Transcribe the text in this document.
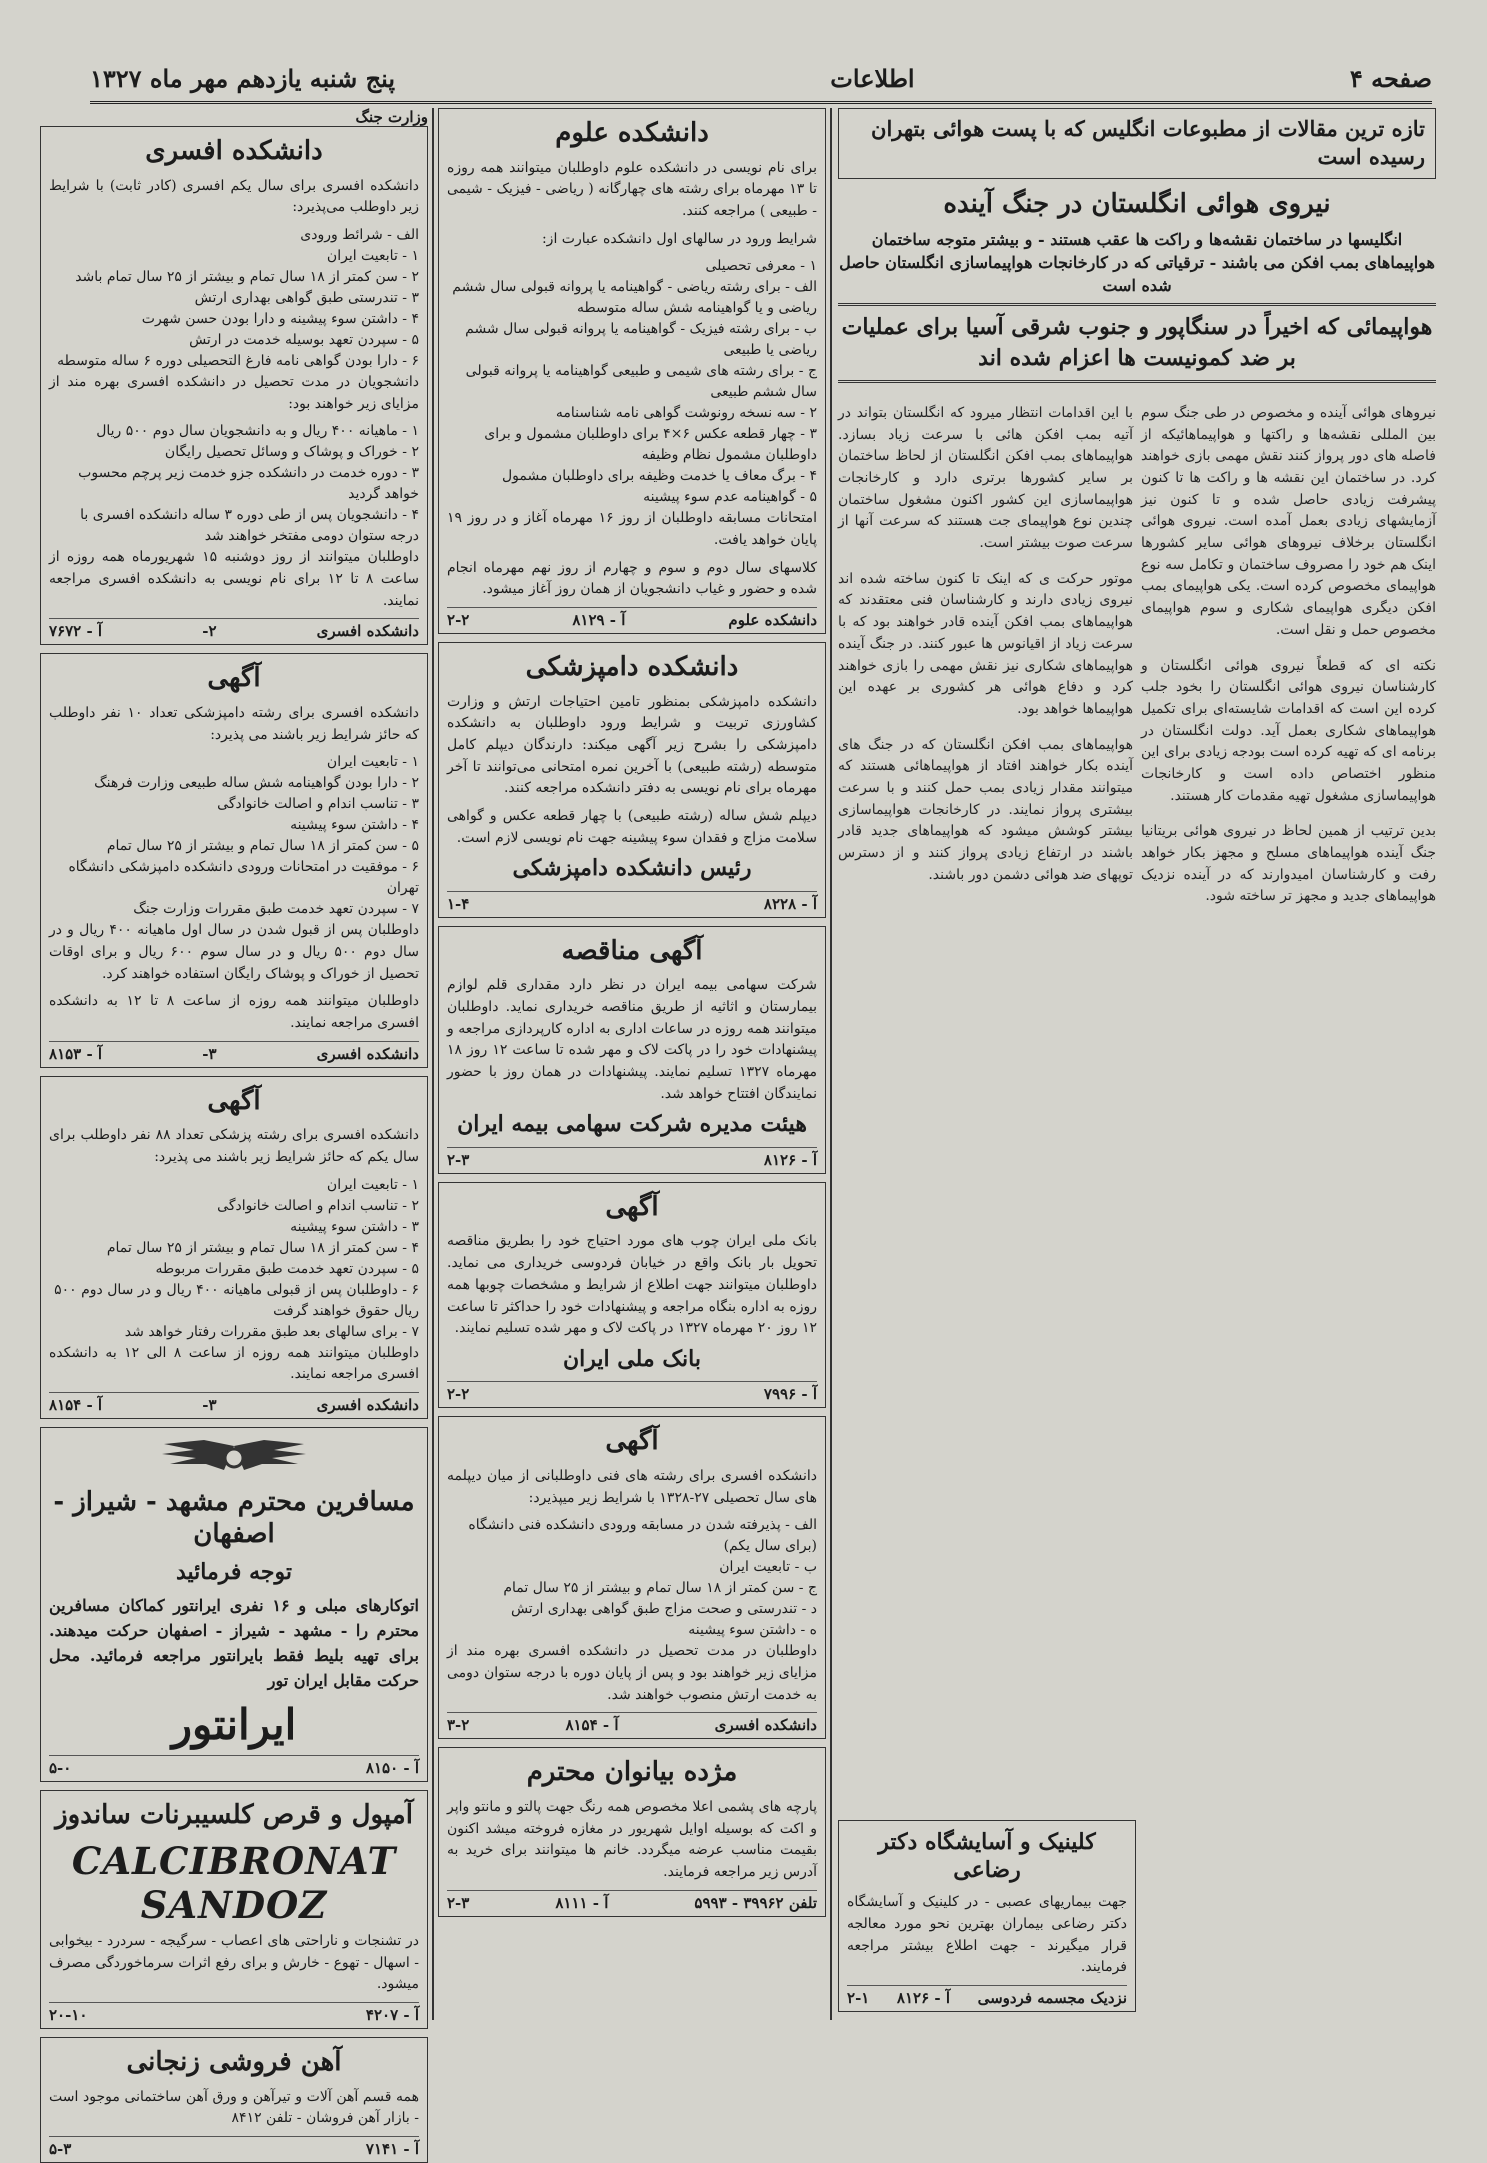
صفحه ۴
اطلاعات
پنج شنبه یازدهم مهر ماه ۱۳۲۷
تازه ترین مقالات از مطبوعات انگلیس که با پست هوائی بتهران رسیده است
نیروی هوائی انگلستان در جنگ آینده
انگلیسها در ساختمان نقشه‌ها و راکت ها عقب هستند - و بیشتر متوجه ساختمان هواپیماهای بمب افکن می باشند - ترقیاتی که در کارخانجات هواپیماسازی انگلستان حاصل شده است
هواپیمائی که اخیراً در سنگاپور و جنوب شرقی آسیا برای عملیات بر ضد کمونیست ها اعزام شده اند

نیروهای هوائی آینده و مخصوص در طی جنگ سوم بین المللی نقشه‌ها و راکتها و هواپیماهائیکه از فاصله های دور پرواز کنند نقش مهمی بازی خواهند کرد. در ساختمان این نقشه ها و راکت ها تا کنون پیشرفت زیادی حاصل شده و تا کنون نیز آزمایشهای زیادی بعمل آمده است. نیروی هوائی انگلستان برخلاف نیروهای هوائی سایر کشورها اینک هم خود را مصروف ساختمان و تکامل سه نوع هواپیمای مخصوص کرده است. یکی هواپیمای بمب افکن دیگری هواپیمای شکاری و سوم هواپیمای مخصوص حمل و نقل است.

نکته ای که قطعاً نیروی هوائی انگلستان و کارشناسان نیروی هوائی انگلستان را بخود جلب کرده این است که اقدامات شایسته‌ای برای تکمیل هواپیماهای شکاری بعمل آید. دولت انگلستان در برنامه ای که تهیه کرده است بودجه زیادی برای این منظور اختصاص داده است و کارخانجات هواپیماسازی مشغول تهیه مقدمات کار هستند.

بدین ترتیب از همین لحاظ در نیروی هوائی بریتانیا جنگ آینده هواپیماهای مسلح و مجهز بکار خواهد رفت و کارشناسان امیدوارند که در آینده نزدیک هواپیماهای جدید و مجهز تر ساخته شود.

با این اقدامات انتظار میرود که انگلستان بتواند در آتیه بمب افکن هائی با سرعت زیاد بسازد. هواپیماهای بمب افکن انگلستان از لحاظ ساختمان بر سایر کشورها برتری دارد و کارخانجات هواپیماسازی این کشور اکنون مشغول ساختمان چندین نوع هواپیمای جت هستند که سرعت آنها از سرعت صوت بیشتر است.

موتور حرکت ی که اینک تا کنون ساخته شده اند نیروی زیادی دارند و کارشناسان فنی معتقدند که هواپیماهای بمب افکن آینده قادر خواهند بود که با سرعت زیاد از اقیانوس ها عبور کنند. در جنگ آینده هواپیماهای شکاری نیز نقش مهمی را بازی خواهند کرد و دفاع هوائی هر کشوری بر عهده این هواپیماها خواهد بود.

هواپیماهای بمب افکن انگلستان که در جنگ های آینده بکار خواهند افتاد از هواپیماهائی هستند که میتوانند مقدار زیادی بمب حمل کنند و با سرعت بیشتری پرواز نمایند. در کارخانجات هواپیماسازی بیشتر کوشش میشود که هواپیماهای جدید قادر باشند در ارتفاع زیادی پرواز کنند و از دسترس توپهای ضد هوائی دشمن دور باشند.

کلینیک و آسایشگاه دکتر رضاعی

جهت بیماریهای عصبی - در کلینیک و آسایشگاه دکتر رضاعی بیماران بهترین نحو مورد معالجه قرار میگیرند - جهت اطلاع بیشتر مراجعه فرمایند.

نزدیک مجسمه فردوسی
آ - ۸۱۲۶
۲-۱
دانشکده علوم

برای نام نویسی در دانشکده علوم داوطلبان میتوانند همه روزه تا ۱۳ مهرماه برای رشته های چهارگانه ( ریاضی - فیزیک - شیمی - طبیعی ) مراجعه کنند.

شرایط ورود در سالهای اول دانشکده عبارت از:

۱ - معرفی تحصیلی

الف - برای رشته ریاضی - گواهینامه یا پروانه قبولی سال ششم ریاضی و یا گواهینامه شش ساله متوسطه

ب - برای رشته فیزیک - گواهینامه یا پروانه قبولی سال ششم ریاضی یا طبیعی

ج - برای رشته های شیمی و طبیعی گواهینامه یا پروانه قبولی سال ششم طبیعی

۲ - سه نسخه رونوشت گواهی نامه شناسنامه

۳ - چهار قطعه عکس ۶×۴ برای داوطلبان مشمول و برای داوطلبان مشمول نظام وظیفه

۴ - برگ معاف یا خدمت وظیفه برای داوطلبان مشمول

۵ - گواهینامه عدم سوء پیشینه

امتحانات مسابقه داوطلبان از روز ۱۶ مهرماه آغاز و در روز ۱۹ پایان خواهد یافت.

کلاسهای سال دوم و سوم و چهارم از روز نهم مهرماه انجام شده و حضور و غیاب دانشجویان از همان روز آغاز میشود.

دانشکده علوم
آ - ۸۱۲۹
۲-۲
دانشکده دامپزشکی

دانشکده دامپزشکی بمنظور تامین احتیاجات ارتش و وزارت کشاورزی تربیت و شرایط ورود داوطلبان به دانشکده دامپزشکی را بشرح زیر آگهی میکند: دارندگان دیپلم کامل متوسطه (رشته طبیعی) با آخرین نمره امتحانی می‌توانند تا آخر مهرماه برای نام نویسی به دفتر دانشکده مراجعه کنند.

دیپلم شش ساله (رشته طبیعی) با چهار قطعه عکس و گواهی سلامت مزاج و فقدان سوء پیشینه جهت نام نویسی لازم است.

رئیس دانشکده دامپزشکی
آ - ۸۲۲۸
۱-۴
آگهی مناقصه

شرکت سهامی بیمه ایران در نظر دارد مقداری قلم لوازم بیمارستان و اثاثیه از طریق مناقصه خریداری نماید. داوطلبان میتوانند همه روزه در ساعات اداری به اداره کارپردازی مراجعه و پیشنهادات خود را در پاکت لاک و مهر شده تا ساعت ۱۲ روز ۱۸ مهرماه ۱۳۲۷ تسلیم نمایند. پیشنهادات در همان روز با حضور نمایندگان افتتاح خواهد شد.

هیئت مدیره شرکت سهامی بیمه ایران
آ - ۸۱۲۶
۲-۳
آگهی

بانک ملی ایران چوب های مورد احتیاج خود را بطریق مناقصه تحویل بار بانک واقع در خیابان فردوسی خریداری می نماید. داوطلبان میتوانند جهت اطلاع از شرایط و مشخصات چوبها همه روزه به اداره بنگاه مراجعه و پیشنهادات خود را حداکثر تا ساعت ۱۲ روز ۲۰ مهرماه ۱۳۲۷ در پاکت لاک و مهر شده تسلیم نمایند.

بانک ملی ایران
آ - ۷۹۹۶
۲-۲
آگهی

دانشکده افسری برای رشته های فنی داوطلبانی از میان دیپلمه های سال تحصیلی ۲۷-۱۳۲۸ با شرایط زیر میپذیرد:

الف - پذیرفته شدن در مسابقه ورودی دانشکده فنی دانشگاه (برای سال یکم)

ب - تابعیت ایران

ج - سن کمتر از ۱۸ سال تمام و بیشتر از ۲۵ سال تمام

د - تندرستی و صحت مزاج طبق گواهی بهداری ارتش

ه - داشتن سوء پیشینه

داوطلبان در مدت تحصیل در دانشکده افسری بهره مند از مزایای زیر خواهند بود و پس از پایان دوره با درجه ستوان دومی به خدمت ارتش منصوب خواهند شد.

دانشکده افسری
آ - ۸۱۵۴
۳-۲
مژده بیانوان محترم

پارچه های پشمی اعلا مخصوص همه رنگ جهت پالتو و مانتو واپر و اکت که بوسیله اوایل شهریور در مغازه فروخته میشد اکنون بقیمت مناسب عرضه میگردد. خانم ها میتوانند برای خرید به آدرس زیر مراجعه فرمایند.

تلفن ۳۹۹۶۲ - ۵۹۹۳
آ - ۸۱۱۱
۲-۳
وزارت جنگ
دانشکده افسری

دانشکده افسری برای سال یکم افسری (کادر ثابت) با شرایط زیر داوطلب می‌پذیرد:

الف - شرائط ورودی

۱ - تابعیت ایران

۲ - سن کمتر از ۱۸ سال تمام و بیشتر از ۲۵ سال تمام باشد

۳ - تندرستی طبق گواهی بهداری ارتش

۴ - داشتن سوء پیشینه و دارا بودن حسن شهرت

۵ - سپردن تعهد بوسیله خدمت در ارتش

۶ - دارا بودن گواهی نامه فارغ التحصیلی دوره ۶ ساله متوسطه

دانشجویان در مدت تحصیل در دانشکده افسری بهره مند از مزایای زیر خواهند بود:

۱ - ماهیانه ۴۰۰ ریال و به دانشجویان سال دوم ۵۰۰ ریال

۲ - خوراک و پوشاک و وسائل تحصیل رایگان

۳ - دوره خدمت در دانشکده جزو خدمت زیر پرچم محسوب خواهد گردید

۴ - دانشجویان پس از طی دوره ۳ ساله دانشکده افسری با درجه ستوان دومی مفتخر خواهند شد

داوطلبان میتوانند از روز دوشنبه ۱۵ شهریورماه همه روزه از ساعت ۸ تا ۱۲ برای نام نویسی به دانشکده افسری مراجعه نمایند.

دانشکده افسری
۲-
آ - ۷۶۷۲
آگهی

دانشکده افسری برای رشته دامپزشکی تعداد ۱۰ نفر داوطلب که حائز شرایط زیر باشند می پذیرد:

۱ - تابعیت ایران

۲ - دارا بودن گواهینامه شش ساله طبیعی وزارت فرهنگ

۳ - تناسب اندام و اصالت خانوادگی

۴ - داشتن سوء پیشینه

۵ - سن کمتر از ۱۸ سال تمام و بیشتر از ۲۵ سال تمام

۶ - موفقیت در امتحانات ورودی دانشکده دامپزشکی دانشگاه تهران

۷ - سپردن تعهد خدمت طبق مقررات وزارت جنگ

داوطلبان پس از قبول شدن در سال اول ماهیانه ۴۰۰ ریال و در سال دوم ۵۰۰ ریال و در سال سوم ۶۰۰ ریال و برای اوقات تحصیل از خوراک و پوشاک رایگان استفاده خواهند کرد.

داوطلبان میتوانند همه روزه از ساعت ۸ تا ۱۲ به دانشکده افسری مراجعه نمایند.

دانشکده افسری
۳-
آ - ۸۱۵۳
آگهی

دانشکده افسری برای رشته پزشکی تعداد ۸۸ نفر داوطلب برای سال یکم که حائز شرایط زیر باشند می پذیرد:

۱ - تابعیت ایران

۲ - تناسب اندام و اصالت خانوادگی

۳ - داشتن سوء پیشینه

۴ - سن کمتر از ۱۸ سال تمام و بیشتر از ۲۵ سال تمام

۵ - سپردن تعهد خدمت طبق مقررات مربوطه

۶ - داوطلبان پس از قبولی ماهیانه ۴۰۰ ریال و در سال دوم ۵۰۰ ریال حقوق خواهند گرفت

۷ - برای سالهای بعد طبق مقررات رفتار خواهد شد

داوطلبان میتوانند همه روزه از ساعت ۸ الی ۱۲ به دانشکده افسری مراجعه نمایند.

دانشکده افسری
۳-
آ - ۸۱۵۴
مسافرین محترم مشهد - شیراز - اصفهان
توجه فرمائید

اتوکارهای مبلی و ۱۶ نفری ایرانتور کماکان مسافرین محترم را - مشهد - شیراز - اصفهان حرکت میدهند. برای تهیه بلیط فقط بایرانتور مراجعه فرمائید. محل حرکت مقابل ایران تور

ایرانتور
آ - ۸۱۵۰
۵-۰
آمپول و قرص کلسیبرنات ساندوز
CALCIBRONAT SANDOZ

در تشنجات و ناراحتی های اعصاب - سرگیجه - سردرد - بیخوابی - اسهال - تهوع - خارش و برای رفع اثرات سرماخوردگی مصرف میشود.

آ - ۴۲۰۷
۲۰-۱۰
آهن فروشی زنجانی

همه قسم آهن آلات و تیرآهن و ورق آهن ساختمانی موجود است - بازار آهن فروشان - تلفن ۸۴۱۲

آ - ۷۱۴۱
۵-۳
